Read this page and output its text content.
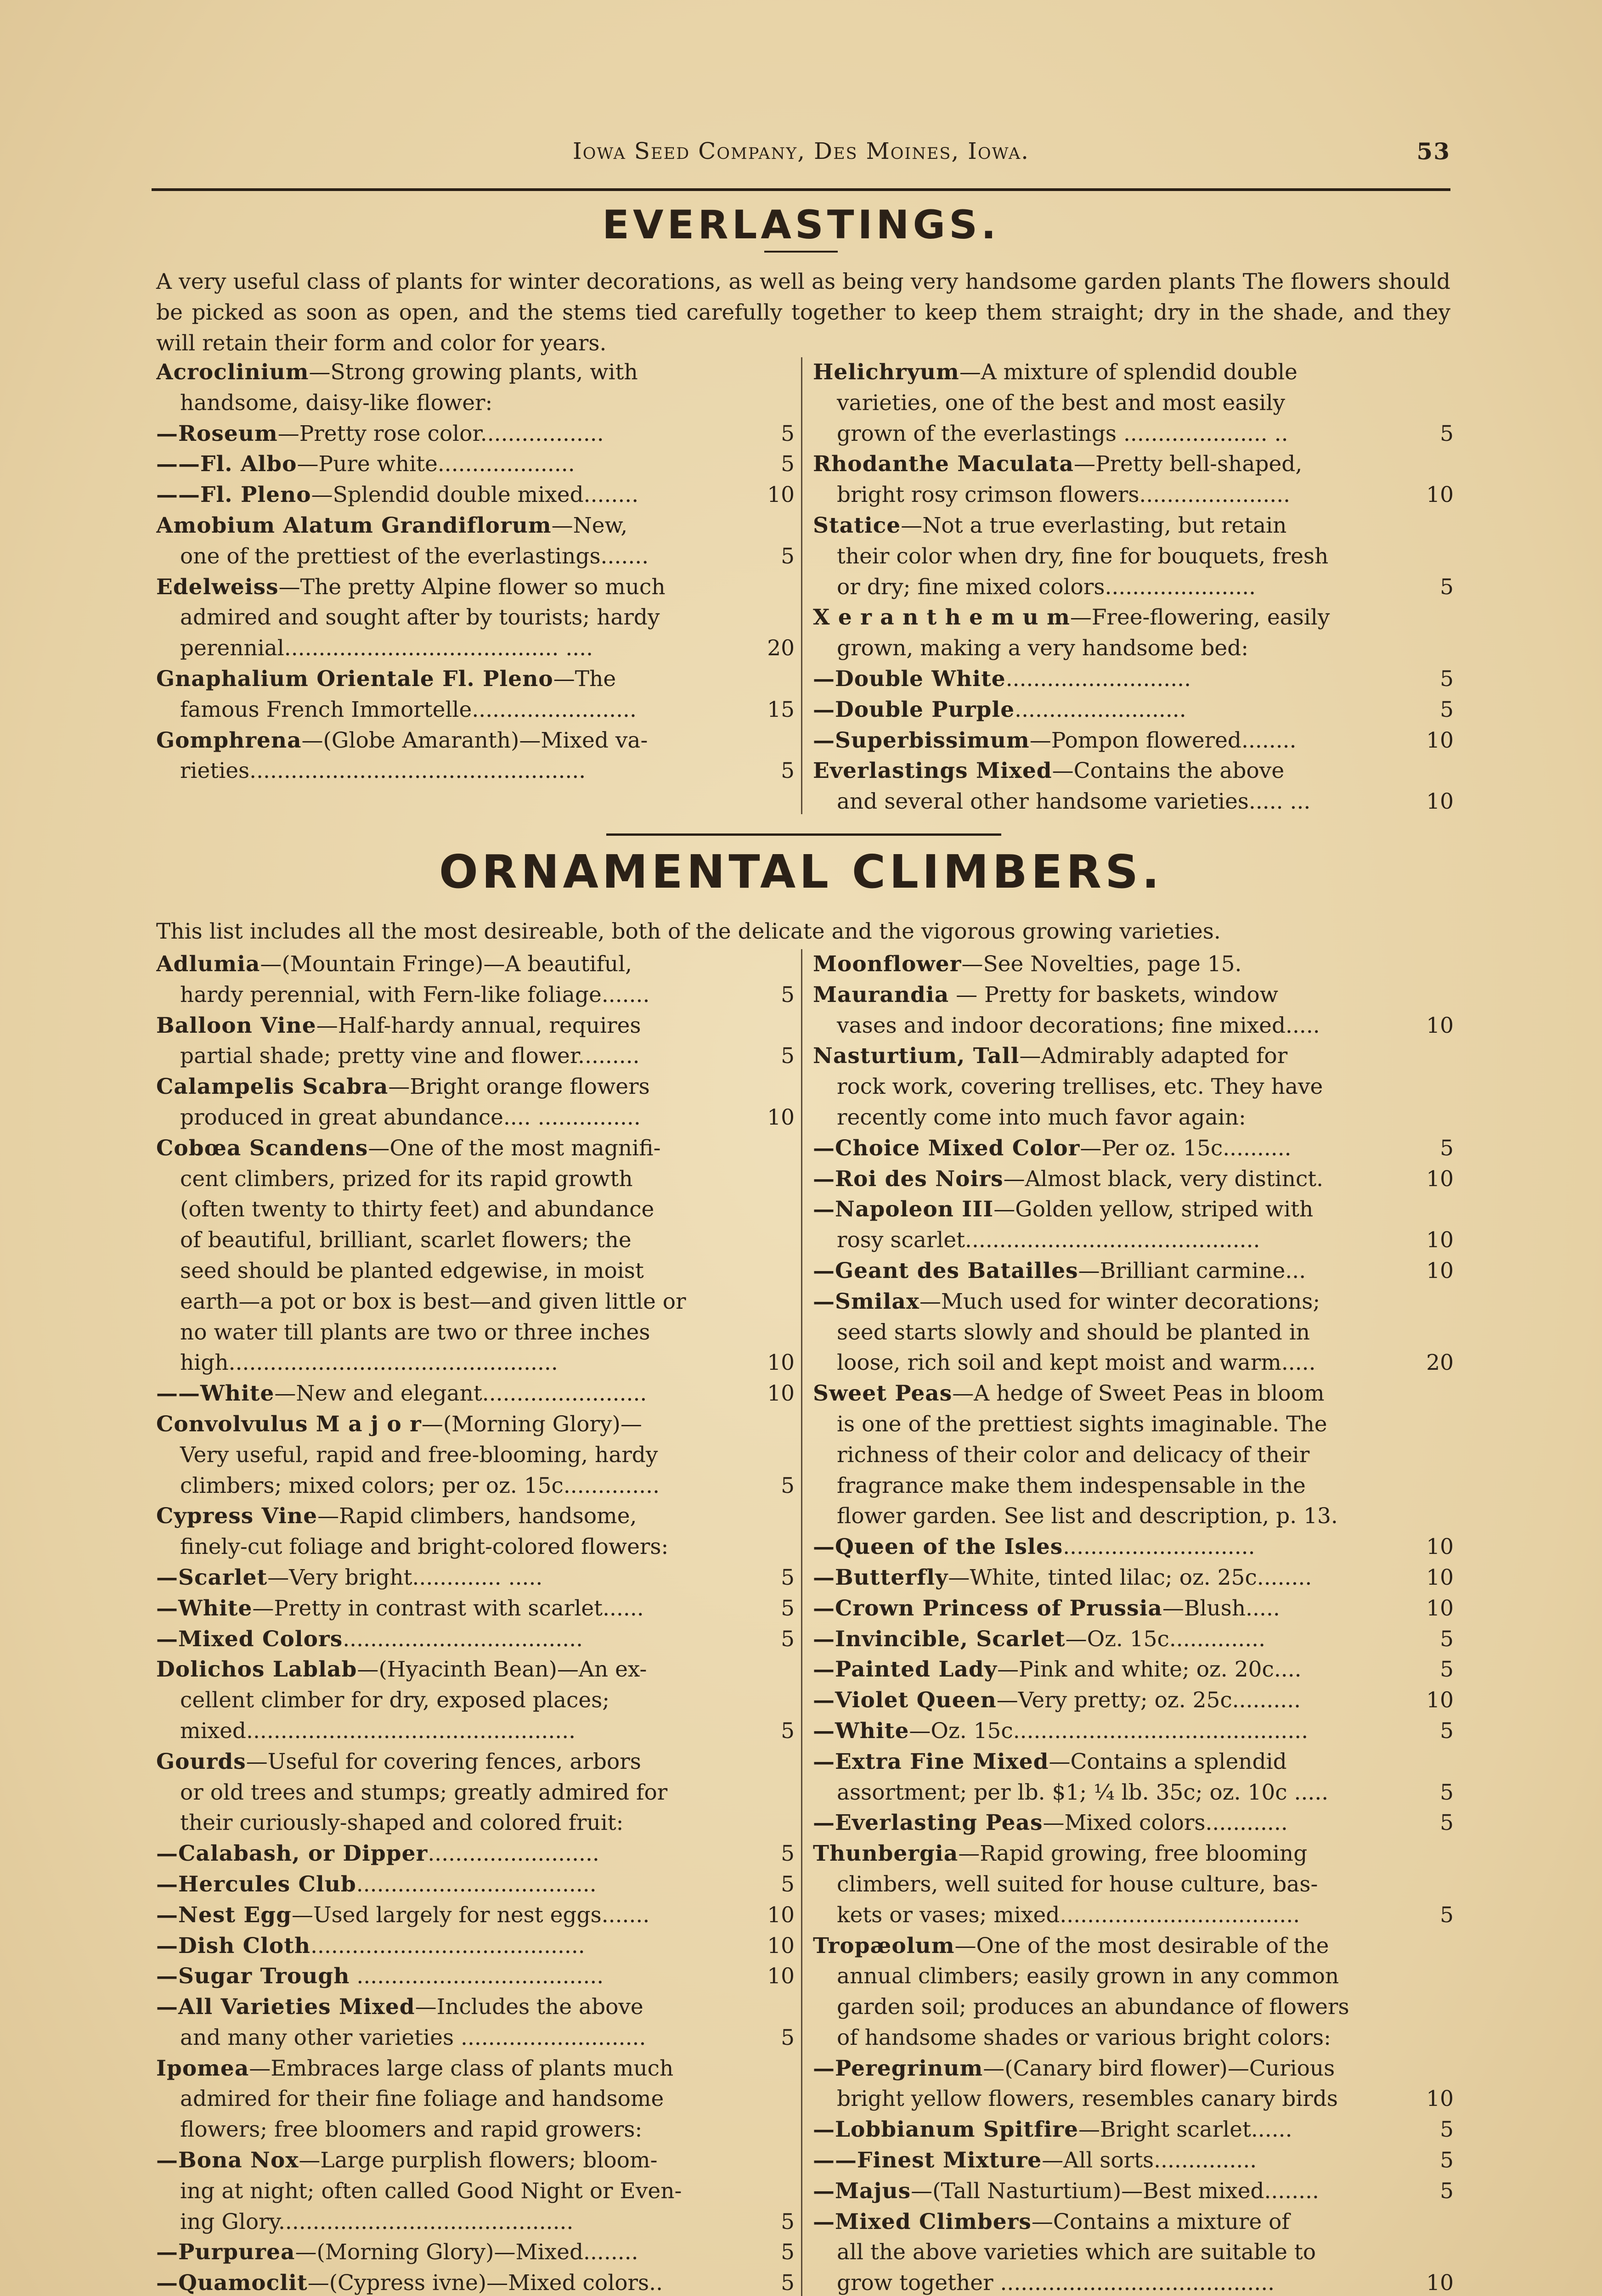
Iowa Seed Company, Des Moines, Iowa.	53
EVERLASTINGS.
A very useful class of plants for winter decorations, as well as being very handsome garden plants The flowers should be picked as soon as open, and the stems tied carefully together to keep them straight; dry in the shade, and they will retain their form and color for years.
Acroclinium—Strong growing plants, with
handsome, daisy-like flower:
5
—Roseum—Pretty rose color..................
5
——Fl. Albo—Pure white....................
10
——Fl. Pleno—Splendid double mixed........
Amobium Alatum Grandiflorum—New,
5
one of the prettiest of the everlastings.......
Edelweiss—The pretty Alpine flower so much
admired and sought after by tourists; hardy
20
perennial........................................ ....
Gnaphalium Orientale Fl. Pleno—The
15
famous French Immortelle........................
Gomphrena—(Globe Amaranth)—Mixed va-
5
rieties.................................................
Helichryum—A mixture of splendid double
varieties, one of the best and most easily
5
grown of the everlastings ..................... ..
Rhodanthe Maculata—Pretty bell-shaped,
10
bright rosy crimson flowers......................
Statice—Not a true everlasting, but retain
their color when dry, fine for bouquets, fresh
5
or dry; fine mixed colors......................
X e r a n t h e m u m—Free-flowering, easily
grown, making a very handsome bed:
5
—Double White...........................
5
—Double Purple.........................
10
—Superbissimum—Pompon flowered........
Everlastings Mixed—Contains the above
10
and several other handsome varieties..... ...
ORNAMENTAL CLIMBERS.
This list includes all the most desireable, both of the delicate and the vigorous growing varieties.
Adlumia—(Mountain Fringe)—A beautiful,
5
hardy perennial, with Fern-like foliage.......
Balloon Vine—Half-hardy annual, requires
5
partial shade; pretty vine and flower.........
Calampelis Scabra—Bright orange flowers
10
produced in great abundance.... ...............
Cobœa Scandens—One of the most magnifi-
cent climbers, prized for its rapid growth
(often twenty to thirty feet) and abundance
of beautiful, brilliant, scarlet flowers; the
seed should be planted edgewise, in moist
earth—a pot or box is best—and given little or
no water till plants are two or three inches
10
high................................................
10
——White—New and elegant........................
Convolvulus M a j o r—(Morning Glory)—
Very useful, rapid and free-blooming, hardy
5
climbers; mixed colors; per oz. 15c..............
Cypress Vine—Rapid climbers, handsome,
finely-cut foliage and bright-colored flowers:
5
—Scarlet—Very bright............. .....
5
—White—Pretty in contrast with scarlet......
5
—Mixed Colors...................................
Dolichos Lablab—(Hyacinth Bean)—An ex-
cellent climber for dry, exposed places;
5
mixed................................................
Gourds—Useful for covering fences, arbors
or old trees and stumps; greatly admired for
their curiously-shaped and colored fruit:
5
—Calabash, or Dipper.........................
5
—Hercules Club...................................
10
—Nest Egg—Used largely for nest eggs.......
10
—Dish Cloth........................................
10
—Sugar Trough ....................................
—All Varieties Mixed—Includes the above
5
and many other varieties ...........................
Ipomea—Embraces large class of plants much
admired for their fine foliage and handsome
flowers; free bloomers and rapid growers:
—Bona Nox—Large purplish flowers; bloom-
ing at night; often called Good Night or Even-
5
ing Glory...........................................
5
—Purpurea—(Morning Glory)—Mixed........
5
—Quamoclit—(Cypress ivne)—Mixed colors..
Moonflower—See Novelties, page 15.
Maurandia — Pretty for baskets, window
10
vases and indoor decorations; fine mixed.....
Nasturtium, Tall—Admirably adapted for
rock work, covering trellises, etc. They have
recently come into much favor again:
5
—Choice Mixed Color—Per oz. 15c..........
10
—Roi des Noirs—Almost black, very distinct.
—Napoleon III—Golden yellow, striped with
10
rosy scarlet...........................................
10
—Geant des Batailles—Brilliant carmine...
—Smilax—Much used for winter decorations;
seed starts slowly and should be planted in
20
loose, rich soil and kept moist and warm.....
Sweet Peas—A hedge of Sweet Peas in bloom
is one of the prettiest sights imaginable. The
richness of their color and delicacy of their
fragrance make them indespensable in the
flower garden. See list and description, p. 13.
10
—Queen of the Isles............................
10
—Butterfly—White, tinted lilac; oz. 25c........
10
—Crown Princess of Prussia—Blush.....
5
—Invincible, Scarlet—Oz. 15c..............
5
—Painted Lady—Pink and white; oz. 20c....
10
—Violet Queen—Very pretty; oz. 25c..........
5
—White—Oz. 15c...........................................
—Extra Fine Mixed—Contains a splendid
5
assortment; per lb. $1; ¼ lb. 35c; oz. 10c .....
5
—Everlasting Peas—Mixed colors............
Thunbergia—Rapid growing, free blooming
climbers, well suited for house culture, bas-
5
kets or vases; mixed...................................
Tropæolum—One of the most desirable of the
annual climbers; easily grown in any common
garden soil; produces an abundance of flowers
of handsome shades or various bright colors:
—Peregrinum—(Canary bird flower)—Curious
10
bright yellow flowers, resembles canary birds
5
—Lobbianum Spitfire—Bright scarlet......
5
——Finest Mixture—All sorts...............
5
—Majus—(Tall Nasturtium)—Best mixed........
—Mixed Climbers—Contains a mixture of
all the above varieties which are suitable to
10
grow together ........................................
